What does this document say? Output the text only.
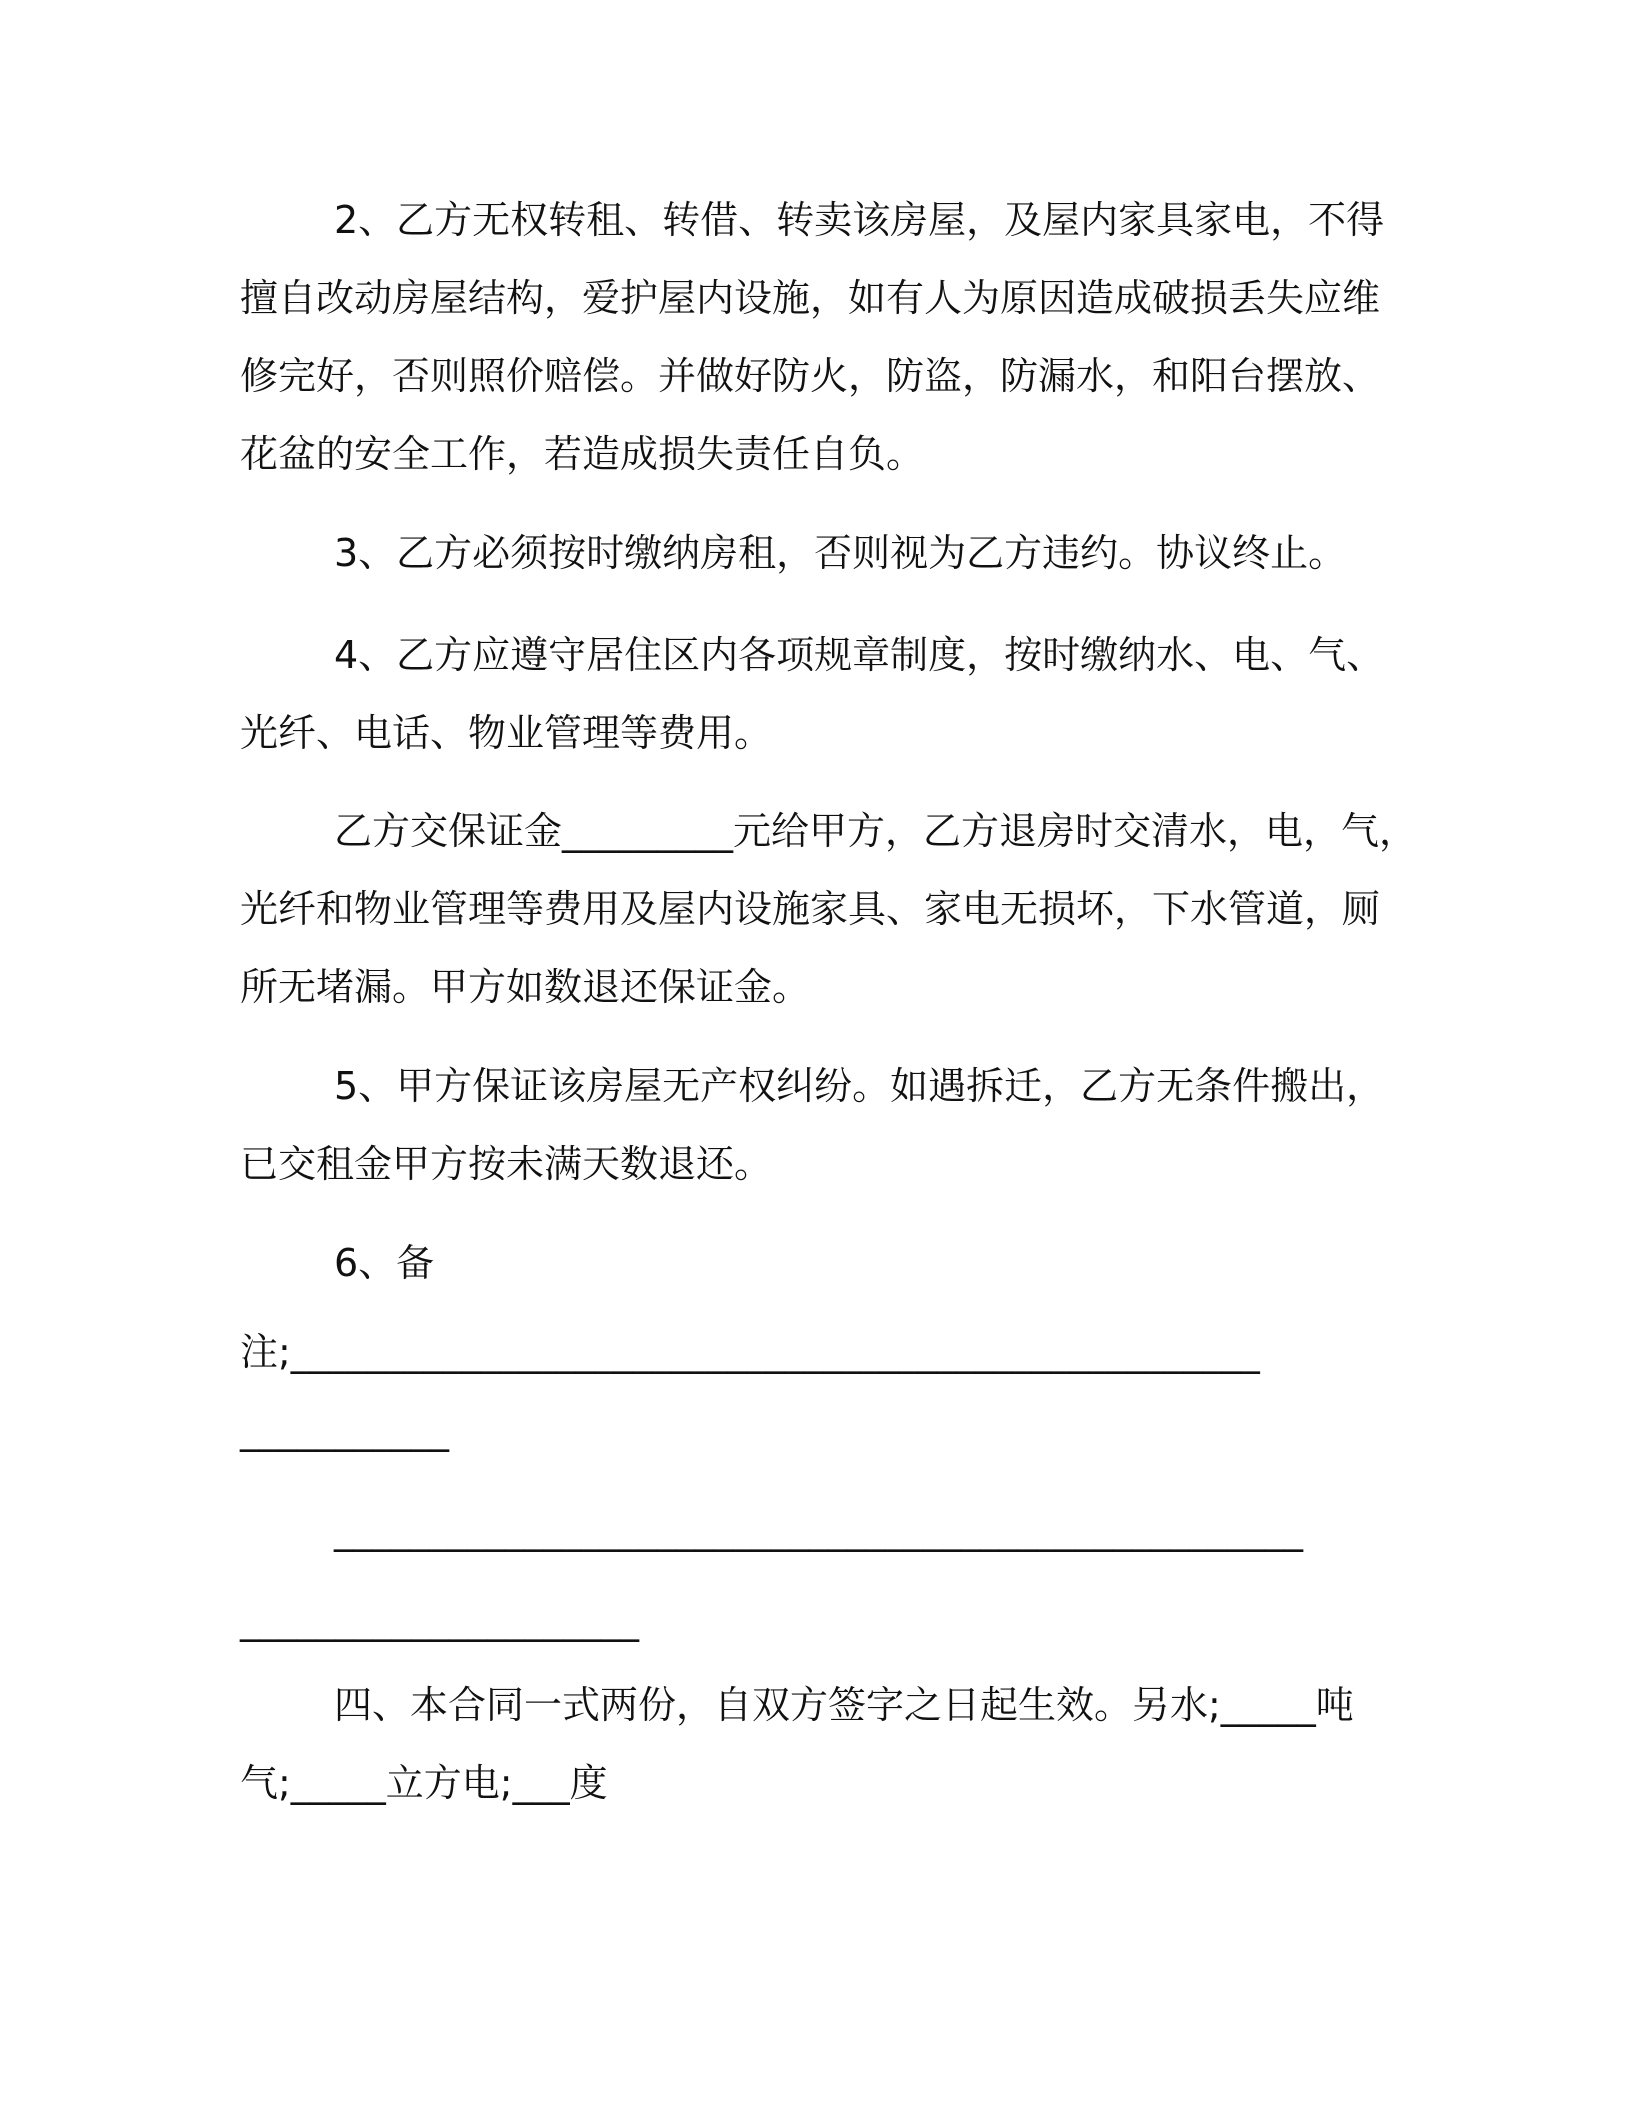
2、乙方无权转租、转借、转卖该房屋，及屋内家具家电，不得

擅自改动房屋结构，爱护屋内设施，如有人为原因造成破损丢失应维

修完好，否则照价赔偿。并做好防火，防盗，防漏水，和阳台摆放、

花盆的安全工作，若造成损失责任自负。

3、乙方必须按时缴纳房租，否则视为乙方违约。协议终止。

4、乙方应遵守居住区内各项规章制度，按时缴纳水、电、气、

光纤、电话、物业管理等费用。

乙方交保证金_________元给甲方，乙方退房时交清水，电，气，

光纤和物业管理等费用及屋内设施家具、家电无损坏，下水管道，厕

所无堵漏。甲方如数退还保证金。

5、甲方保证该房屋无产权纠纷。如遇拆迁，乙方无条件搬出，

已交租金甲方按未满天数退还。

6、备

注;___________________________________________________

___________

___________________________________________________

_____________________

四、本合同一式两份，自双方签字之日起生效。另水;_____吨

气;_____立方电;___度
